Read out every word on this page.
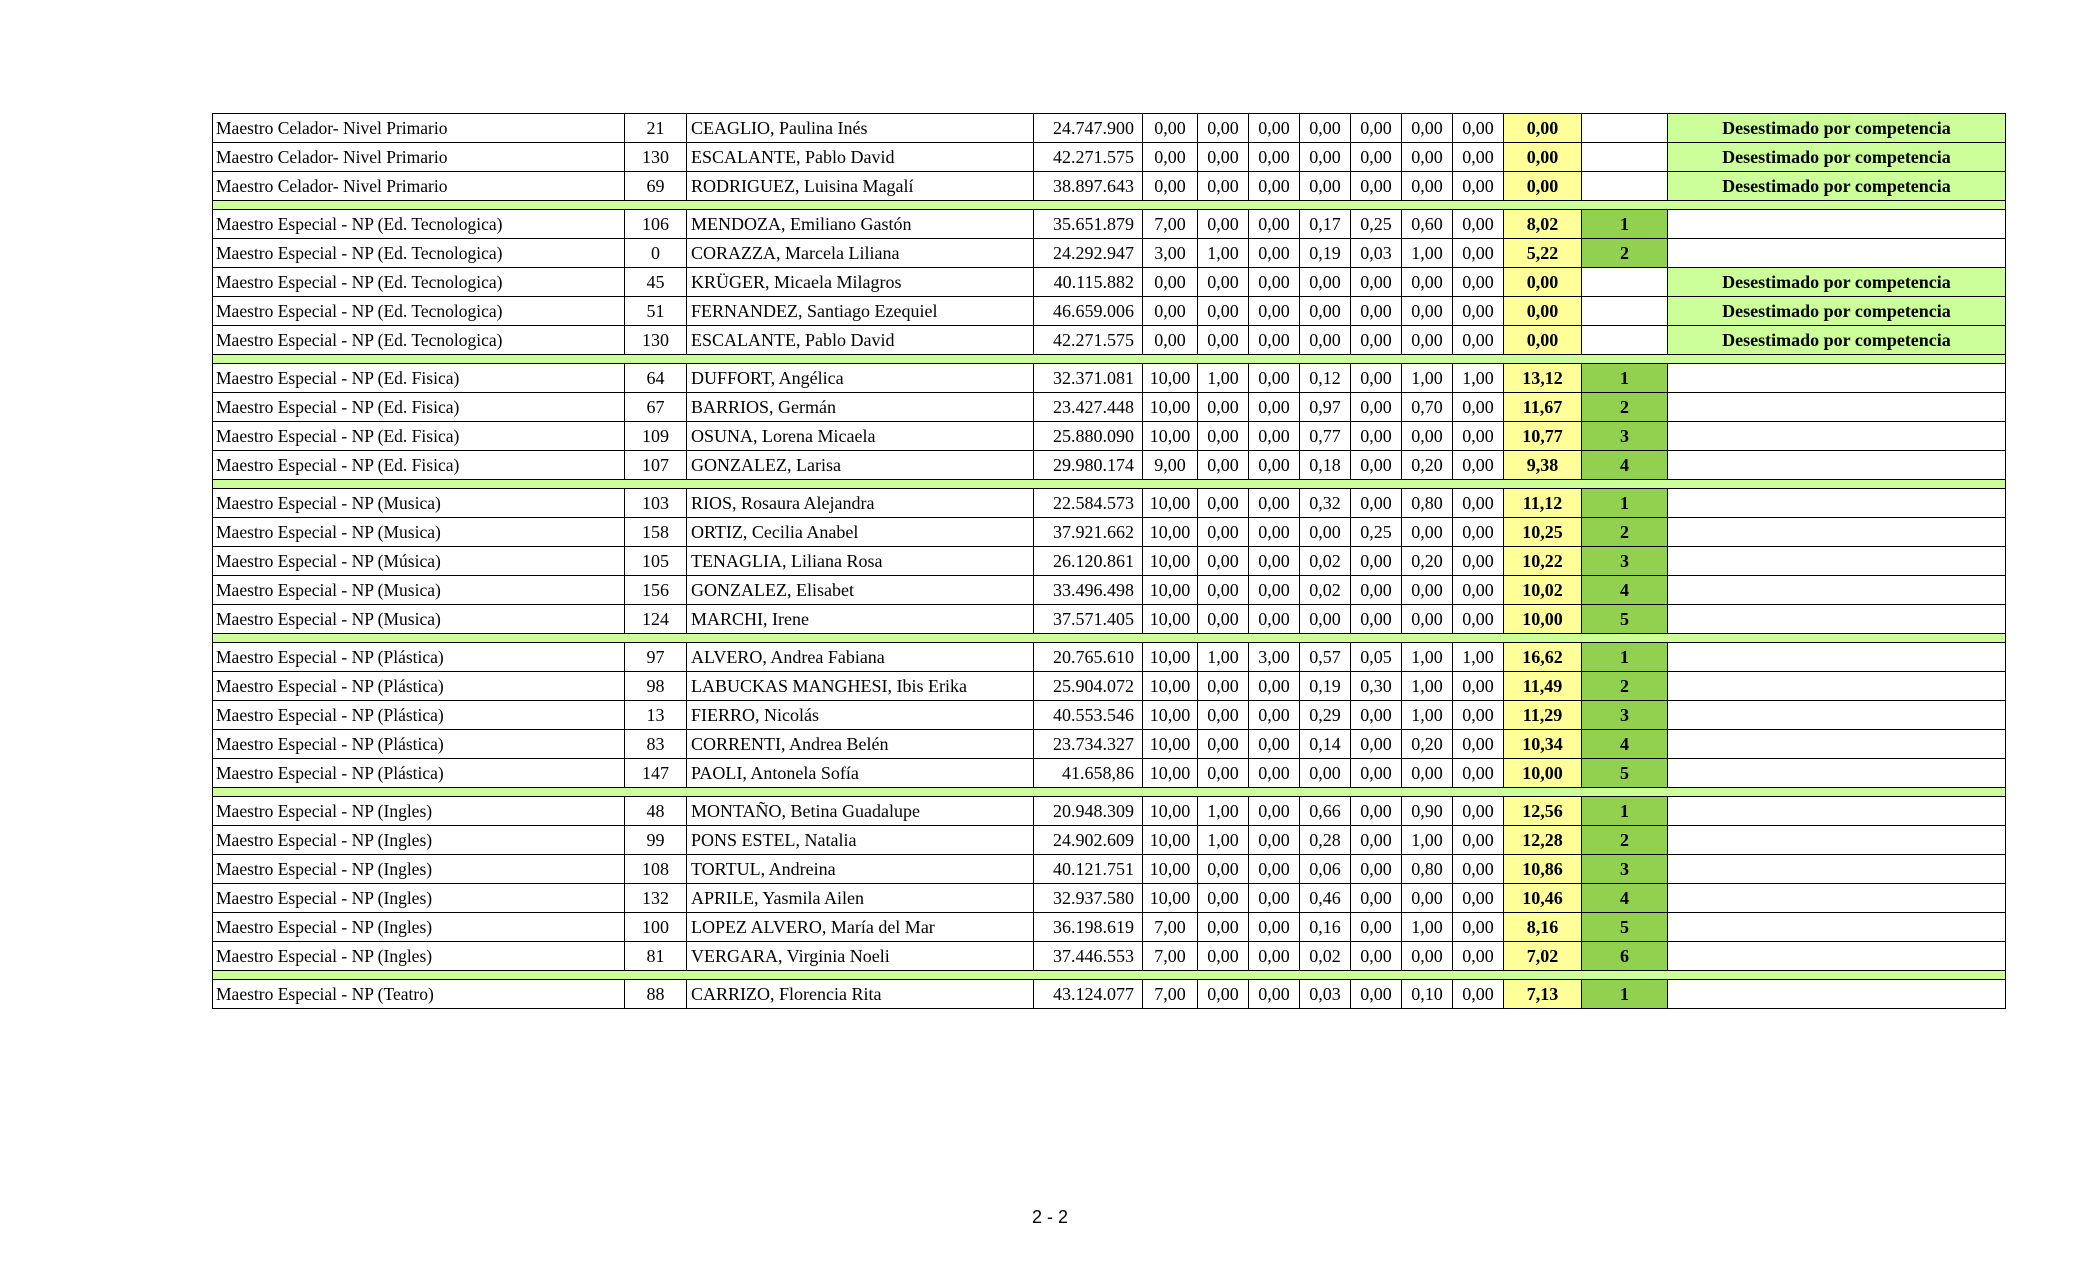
Maestro Celador- Nivel Primario	21	CEAGLIO, Paulina Inés	24.747.900	0,00	0,00	0,00	0,00	0,00	0,00	0,00	0,00		Desestimado por competencia
Maestro Celador- Nivel Primario	130	ESCALANTE, Pablo David	42.271.575	0,00	0,00	0,00	0,00	0,00	0,00	0,00	0,00		Desestimado por competencia
Maestro Celador- Nivel Primario	69	RODRIGUEZ, Luisina Magalí	38.897.643	0,00	0,00	0,00	0,00	0,00	0,00	0,00	0,00		Desestimado por competencia

Maestro Especial - NP (Ed. Tecnologica)	106	MENDOZA, Emiliano Gastón	35.651.879	7,00	0,00	0,00	0,17	0,25	0,60	0,00	8,02	1	
Maestro Especial - NP (Ed. Tecnologica)	0	CORAZZA, Marcela Liliana	24.292.947	3,00	1,00	0,00	0,19	0,03	1,00	0,00	5,22	2	
Maestro Especial - NP (Ed. Tecnologica)	45	KRÜGER, Micaela Milagros	40.115.882	0,00	0,00	0,00	0,00	0,00	0,00	0,00	0,00		Desestimado por competencia
Maestro Especial - NP (Ed. Tecnologica)	51	FERNANDEZ, Santiago Ezequiel	46.659.006	0,00	0,00	0,00	0,00	0,00	0,00	0,00	0,00		Desestimado por competencia
Maestro Especial - NP (Ed. Tecnologica)	130	ESCALANTE, Pablo David	42.271.575	0,00	0,00	0,00	0,00	0,00	0,00	0,00	0,00		Desestimado por competencia

Maestro Especial - NP (Ed. Fisica)	64	DUFFORT, Angélica	32.371.081	10,00	1,00	0,00	0,12	0,00	1,00	1,00	13,12	1	
Maestro Especial - NP (Ed. Fisica)	67	BARRIOS, Germán	23.427.448	10,00	0,00	0,00	0,97	0,00	0,70	0,00	11,67	2	
Maestro Especial - NP (Ed. Fisica)	109	OSUNA, Lorena Micaela	25.880.090	10,00	0,00	0,00	0,77	0,00	0,00	0,00	10,77	3	
Maestro Especial - NP (Ed. Fisica)	107	GONZALEZ, Larisa	29.980.174	9,00	0,00	0,00	0,18	0,00	0,20	0,00	9,38	4	

Maestro Especial - NP (Musica)	103	RIOS, Rosaura Alejandra	22.584.573	10,00	0,00	0,00	0,32	0,00	0,80	0,00	11,12	1	
Maestro Especial - NP (Musica)	158	ORTIZ, Cecilia Anabel	37.921.662	10,00	0,00	0,00	0,00	0,25	0,00	0,00	10,25	2	
Maestro Especial - NP (Música)	105	TENAGLIA, Liliana Rosa	26.120.861	10,00	0,00	0,00	0,02	0,00	0,20	0,00	10,22	3	
Maestro Especial - NP (Musica)	156	GONZALEZ, Elisabet	33.496.498	10,00	0,00	0,00	0,02	0,00	0,00	0,00	10,02	4	
Maestro Especial - NP (Musica)	124	MARCHI, Irene	37.571.405	10,00	0,00	0,00	0,00	0,00	0,00	0,00	10,00	5	

Maestro Especial - NP (Plástica)	97	ALVERO, Andrea Fabiana	20.765.610	10,00	1,00	3,00	0,57	0,05	1,00	1,00	16,62	1	
Maestro Especial - NP (Plástica)	98	LABUCKAS MANGHESI, Ibis Erika	25.904.072	10,00	0,00	0,00	0,19	0,30	1,00	0,00	11,49	2	
Maestro Especial - NP (Plástica)	13	FIERRO, Nicolás	40.553.546	10,00	0,00	0,00	0,29	0,00	1,00	0,00	11,29	3	
Maestro Especial - NP (Plástica)	83	CORRENTI, Andrea Belén	23.734.327	10,00	0,00	0,00	0,14	0,00	0,20	0,00	10,34	4	
Maestro Especial - NP (Plástica)	147	PAOLI, Antonela Sofía	41.658,86	10,00	0,00	0,00	0,00	0,00	0,00	0,00	10,00	5	

Maestro Especial - NP (Ingles)	48	MONTAÑO, Betina Guadalupe	20.948.309	10,00	1,00	0,00	0,66	0,00	0,90	0,00	12,56	1	
Maestro Especial - NP (Ingles)	99	PONS ESTEL, Natalia	24.902.609	10,00	1,00	0,00	0,28	0,00	1,00	0,00	12,28	2	
Maestro Especial - NP (Ingles)	108	TORTUL, Andreina	40.121.751	10,00	0,00	0,00	0,06	0,00	0,80	0,00	10,86	3	
Maestro Especial - NP (Ingles)	132	APRILE, Yasmila Ailen	32.937.580	10,00	0,00	0,00	0,46	0,00	0,00	0,00	10,46	4	
Maestro Especial - NP (Ingles)	100	LOPEZ ALVERO, María del Mar	36.198.619	7,00	0,00	0,00	0,16	0,00	1,00	0,00	8,16	5	
Maestro Especial - NP (Ingles)	81	VERGARA, Virginia Noeli	37.446.553	7,00	0,00	0,00	0,02	0,00	0,00	0,00	7,02	6	

Maestro Especial - NP (Teatro)	88	CARRIZO, Florencia Rita	43.124.077	7,00	0,00	0,00	0,03	0,00	0,10	0,00	7,13	1	
2 - 2
